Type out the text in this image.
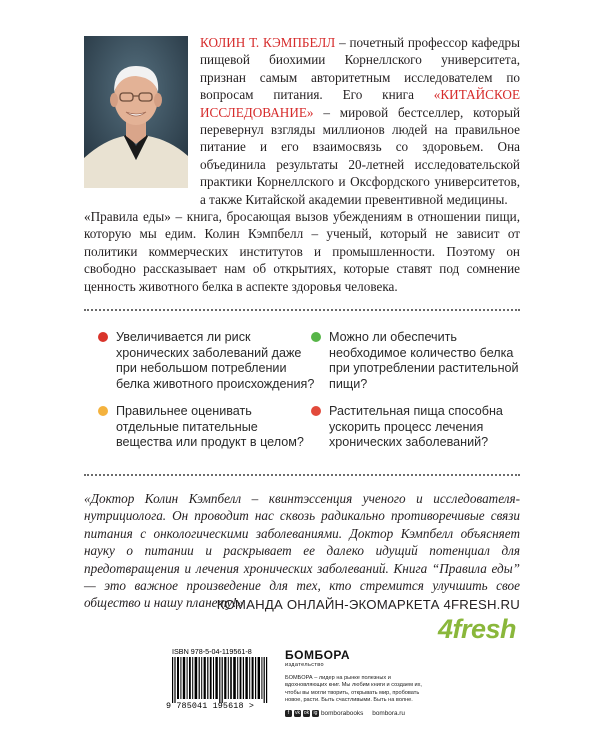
КОЛИН Т. КЭМПБЕЛЛ – почетный профессор кафедры пищевой биохимии Корнеллского университета, признан самым авторитетным исследователем по вопросам питания. Его книга «КИТАЙСКОЕ ИССЛЕДОВАНИЕ» – мировой бестселлер, который перевернул взгляды миллионов людей на правильное питание и его взаимосвязь со здоровьем. Она объединила результаты 20-летней исследовательской практики Корнеллского и Оксфордского университетов, а также Китайской академии превентивной медицины.
«Правила еды» – книга, бросающая вызов убеждениям в отношении пищи, которую мы едим. Колин Кэмпбелл – ученый, который не зависит от политики коммерческих институтов и промышленности. Поэтому он свободно рассказывает нам об открытиях, которые ставят под сомнение ценность животного белка в аспекте здоровья человека.
Увеличивается ли риск хронических заболеваний даже при небольшом потреблении белка животного происхождения?
Можно ли обеспечить необходимое количество белка при употреблении растительной пищи?
Правильнее оценивать отдельные питательные вещества или продукт в целом?
Растительная пища способна ускорить процесс лечения хронических заболеваний?
«Доктор Колин Кэмпбелл – квинтэссенция ученого и исследователя-нутрициолога. Он проводит нас сквозь радикально противоречивые связи питания с онкологическими заболеваниями. Доктор Кэмпбелл объясняет науку о питании и раскрывает ее далеко идущий потенциал для предотвращения и лечения хронических заболеваний. Книга “Правила еды” — это важное произведение для тех, кто стремится улучшить свое общество и нашу планету!»
КОМАНДА ОНЛАЙН-ЭКОМАРКЕТА 4FRESH.RU
4fresh
ISBN 978-5-04-119561-8
9 785041 195618 >
БОМБОРА
издательство
БОМБОРА – лидер на рынке полезных и вдохновляющих книг. Мы любим книги и создаем их, чтобы вы могли творить, открывать мир, пробовать новое, расти. Быть счастливыми. Быть на волне.
f	vk ok ig bomborabooks bombora.ru
